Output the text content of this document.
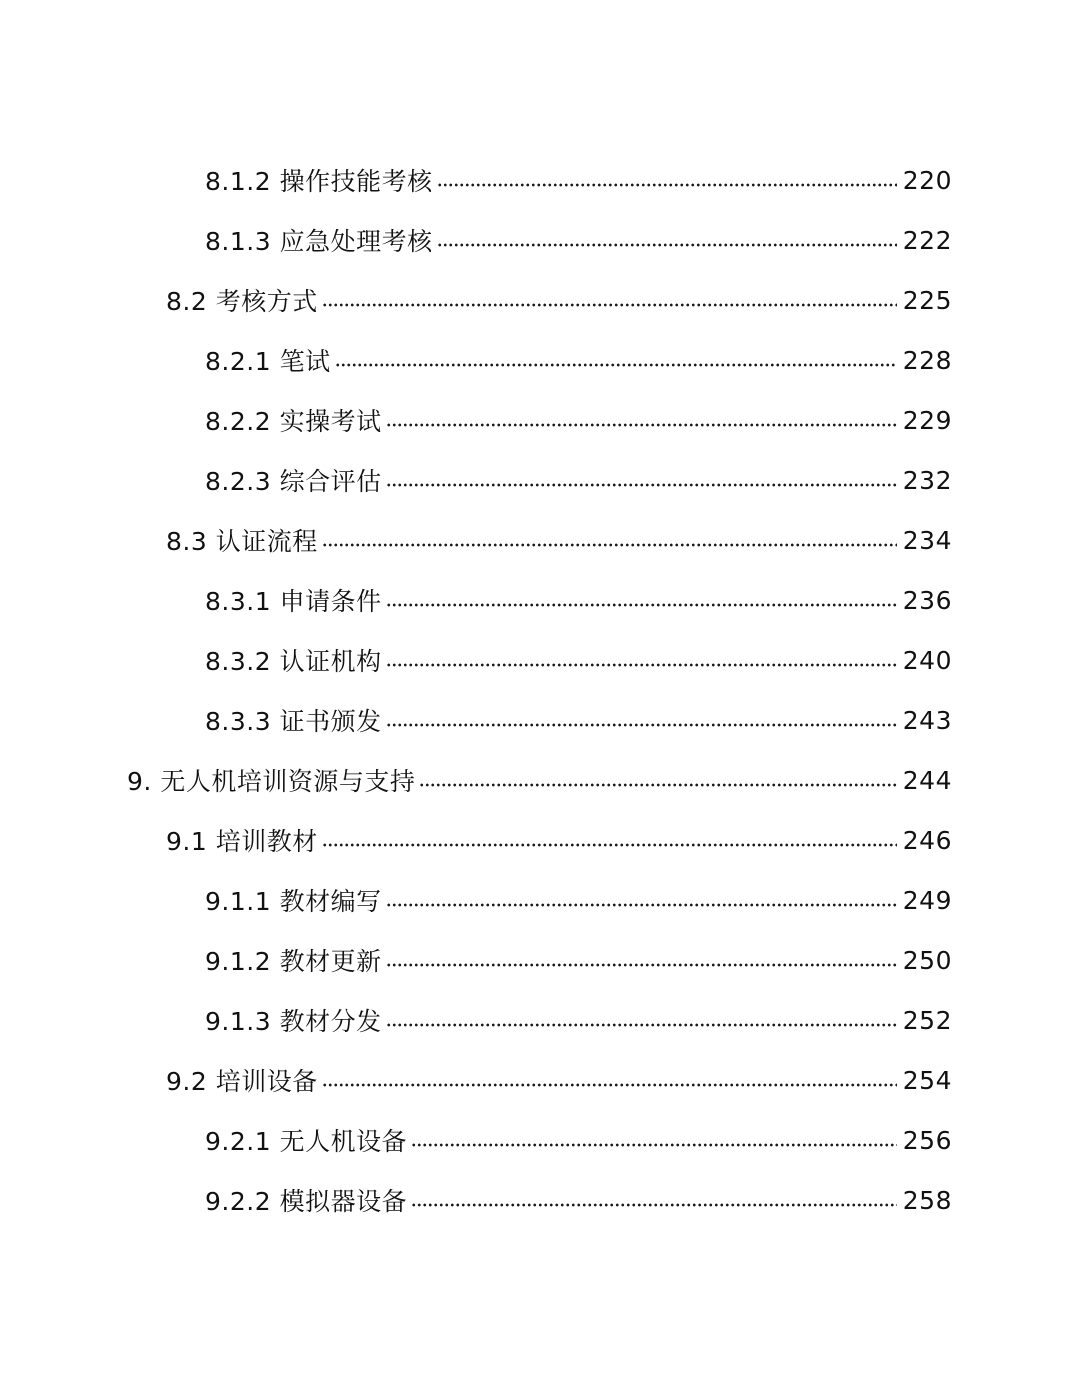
8.1.2 操作技能考核	220
8.1.3 应急处理考核	222
8.2 考核方式	225
8.2.1 笔试	228
8.2.2 实操考试	229
8.2.3 综合评估	232
8.3 认证流程	234
8.3.1 申请条件	236
8.3.2 认证机构	240
8.3.3 证书颁发	243
9. 无人机培训资源与支持	244
9.1 培训教材	246
9.1.1 教材编写	249
9.1.2 教材更新	250
9.1.3 教材分发	252
9.2 培训设备	254
9.2.1 无人机设备	256
9.2.2 模拟器设备	258
